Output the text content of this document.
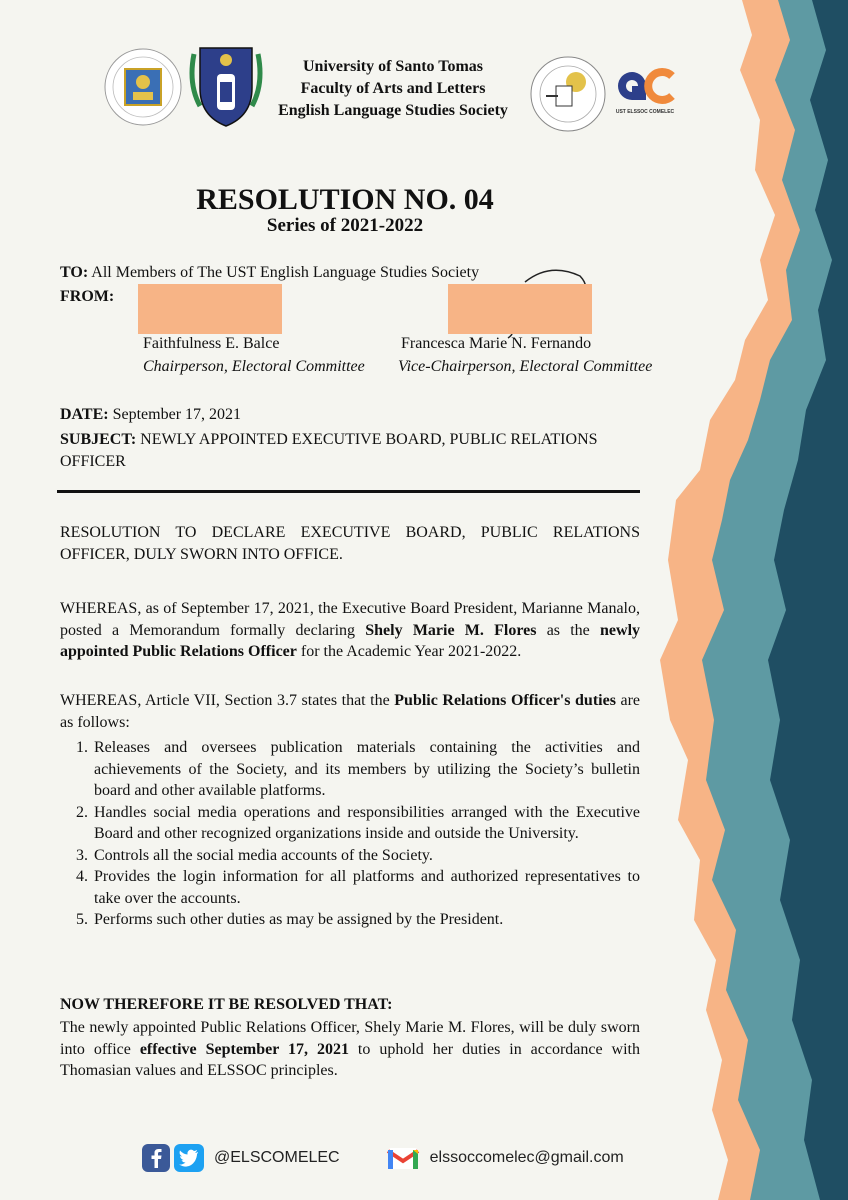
UST ELSSOC COMELEC
University of Santo Tomas
Faculty of Arts and Letters
English Language Studies Society
RESOLUTION NO. 04
Series of 2021-2022
TO: All Members of The UST English Language Studies Society
FROM:
Faithfulness E. Balce
Chairperson, Electoral Committee
Francesca Marie N. Fernando
Vice-Chairperson, Electoral Committee
DATE: September 17, 2021
SUBJECT: NEWLY APPOINTED EXECUTIVE BOARD, PUBLIC RELATIONS OFFICER
RESOLUTION TO DECLARE EXECUTIVE BOARD, PUBLIC RELATIONS OFFICER, DULY SWORN INTO OFFICE.
WHEREAS, as of September 17, 2021, the Executive Board President, Marianne Manalo, posted a Memorandum formally declaring Shely Marie M. Flores as the newly appointed Public Relations Officer for the Academic Year 2021-2022.
WHEREAS, Article VII, Section 3.7 states that the Public Relations Officer's duties are as follows:
1. Releases and oversees publication materials containing the activities and achievements of the Society, and its members by utilizing the Society’s bulletin board and other available platforms.
2. Handles social media operations and responsibilities arranged with the Executive Board and other recognized organizations inside and outside the University.
3. Controls all the social media accounts of the Society.
4. Provides the login information for all platforms and authorized representatives to take over the accounts.
5. Performs such other duties as may be assigned by the President.
NOW THEREFORE IT BE RESOLVED THAT:
The newly appointed Public Relations Officer, Shely Marie M. Flores, will be duly sworn into office effective September 17, 2021 to uphold her duties in accordance with Thomasian values and ELSSOC principles.
@ELSCOMELEC	elssoccomelec@gmail.com
